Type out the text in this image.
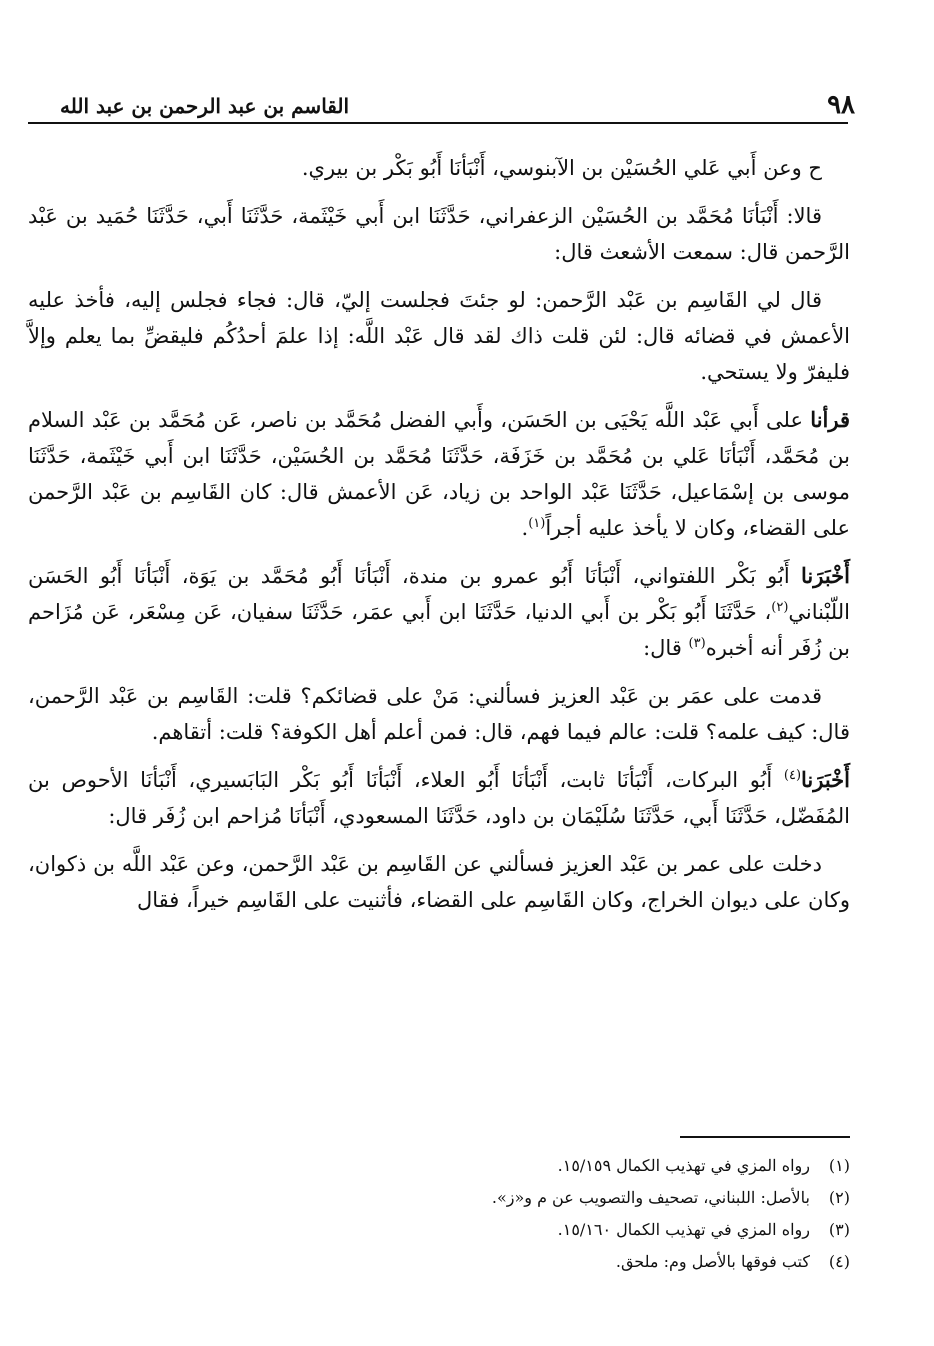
٩٨
القاسم بن عبد الرحمن بن عبد الله

ح وعن أَبي عَلي الحُسَيْن بن الآبنوسي، أَنْبَأنَا أَبُو بَكْر بن بيري.

قالا: أَنْبَأنَا مُحَمَّد بن الحُسَيْن الزعفراني، حَدَّثَنَا ابن أَبي خَيْثَمة، حَدَّثَنَا أَبي، حَدَّثَنَا حُمَيد بن عَبْد الرَّحمن قال: سمعت الأشعث قال:

قال لي القَاسِم بن عَبْد الرَّحمن: لو جئتَ فجلست إليّ، قال: فجاء فجلس إليه، فأخذ عليه الأعمش في قضائه قال: لئن قلت ذاك لقد قال عَبْد اللَّه: إذا علمَ أحدُكُم فليقضِّ بما يعلم وإلاَّ فليفرّ ولا يستحي.

قرأنا على أَبي عَبْد اللَّه يَحْيَى بن الحَسَن، وأَبي الفضل مُحَمَّد بن ناصر، عَن مُحَمَّد بن عَبْد السلام بن مُحَمَّد، أَنْبَأنَا عَلي بن مُحَمَّد بن خَزَفَة، حَدَّثَنَا مُحَمَّد بن الحُسَيْن، حَدَّثَنَا ابن أَبي خَيْثَمة، حَدَّثَنَا موسى بن إسْمَاعيل، حَدَّثَنَا عَبْد الواحد بن زياد، عَن الأعمش قال: كان القَاسِم بن عَبْد الرَّحمن على القضاء، وكان لا يأخذ عليه أجراً$^{(١)}$.

أَخْبَرَنا أَبُو بَكْر اللفتواني، أَنْبَأنَا أَبُو عمرو بن مندة، أَنْبَأنَا أَبُو مُحَمَّد بن يَوَة، أَنْبَأنَا أَبُو الحَسَن اللّبْناني$^{(٢)}$، حَدَّثَنَا أَبُو بَكْر بن أَبي الدنيا، حَدَّثَنَا ابن أَبي عمَر، حَدَّثَنَا سفيان، عَن مِسْعَر، عَن مُزَاحم بن زُفَر أنه أخبره$^{(٣)}$ قال:

قدمت على عمَر بن عَبْد العزيز فسألني: مَنْ على قضائكم؟ قلت: القَاسِم بن عَبْد الرَّحمن، قال: كيف علمه؟ قلت: عالم فيما فهم، قال: فمن أعلم أهل الكوفة؟ قلت: أتقاهم.

أَخْبَرَنا$^{(٤)}$ أَبُو البركات، أَنْبَأنَا ثابت، أَنْبَأنَا أَبُو العلاء، أَنْبَأنَا أَبُو بَكْر البَابَسيري، أَنْبَأنَا الأحوص بن المُفَضّل، حَدَّثَنَا أَبي، حَدَّثَنَا سُلَيْمَان بن داود، حَدَّثَنَا المسعودي، أَنْبَأنَا مُزاحم ابن زُفَر قال:

دخلت على عمر بن عَبْد العزيز فسألني عن القَاسِم بن عَبْد الرَّحمن، وعن عَبْد اللَّه بن ذكوان، وكان على ديوان الخراج، وكان القَاسِم على القضاء، فأثنيت على القَاسِم خيراً، فقال

(١)رواه المزي في تهذيب الكمال ١٥/١٥٩.
(٢)بالأصل: اللبناني، تصحيف والتصويب عن م و«ز».
(٣)رواه المزي في تهذيب الكمال ١٥/١٦٠.
(٤)كتب فوقها بالأصل وم: ملحق.
